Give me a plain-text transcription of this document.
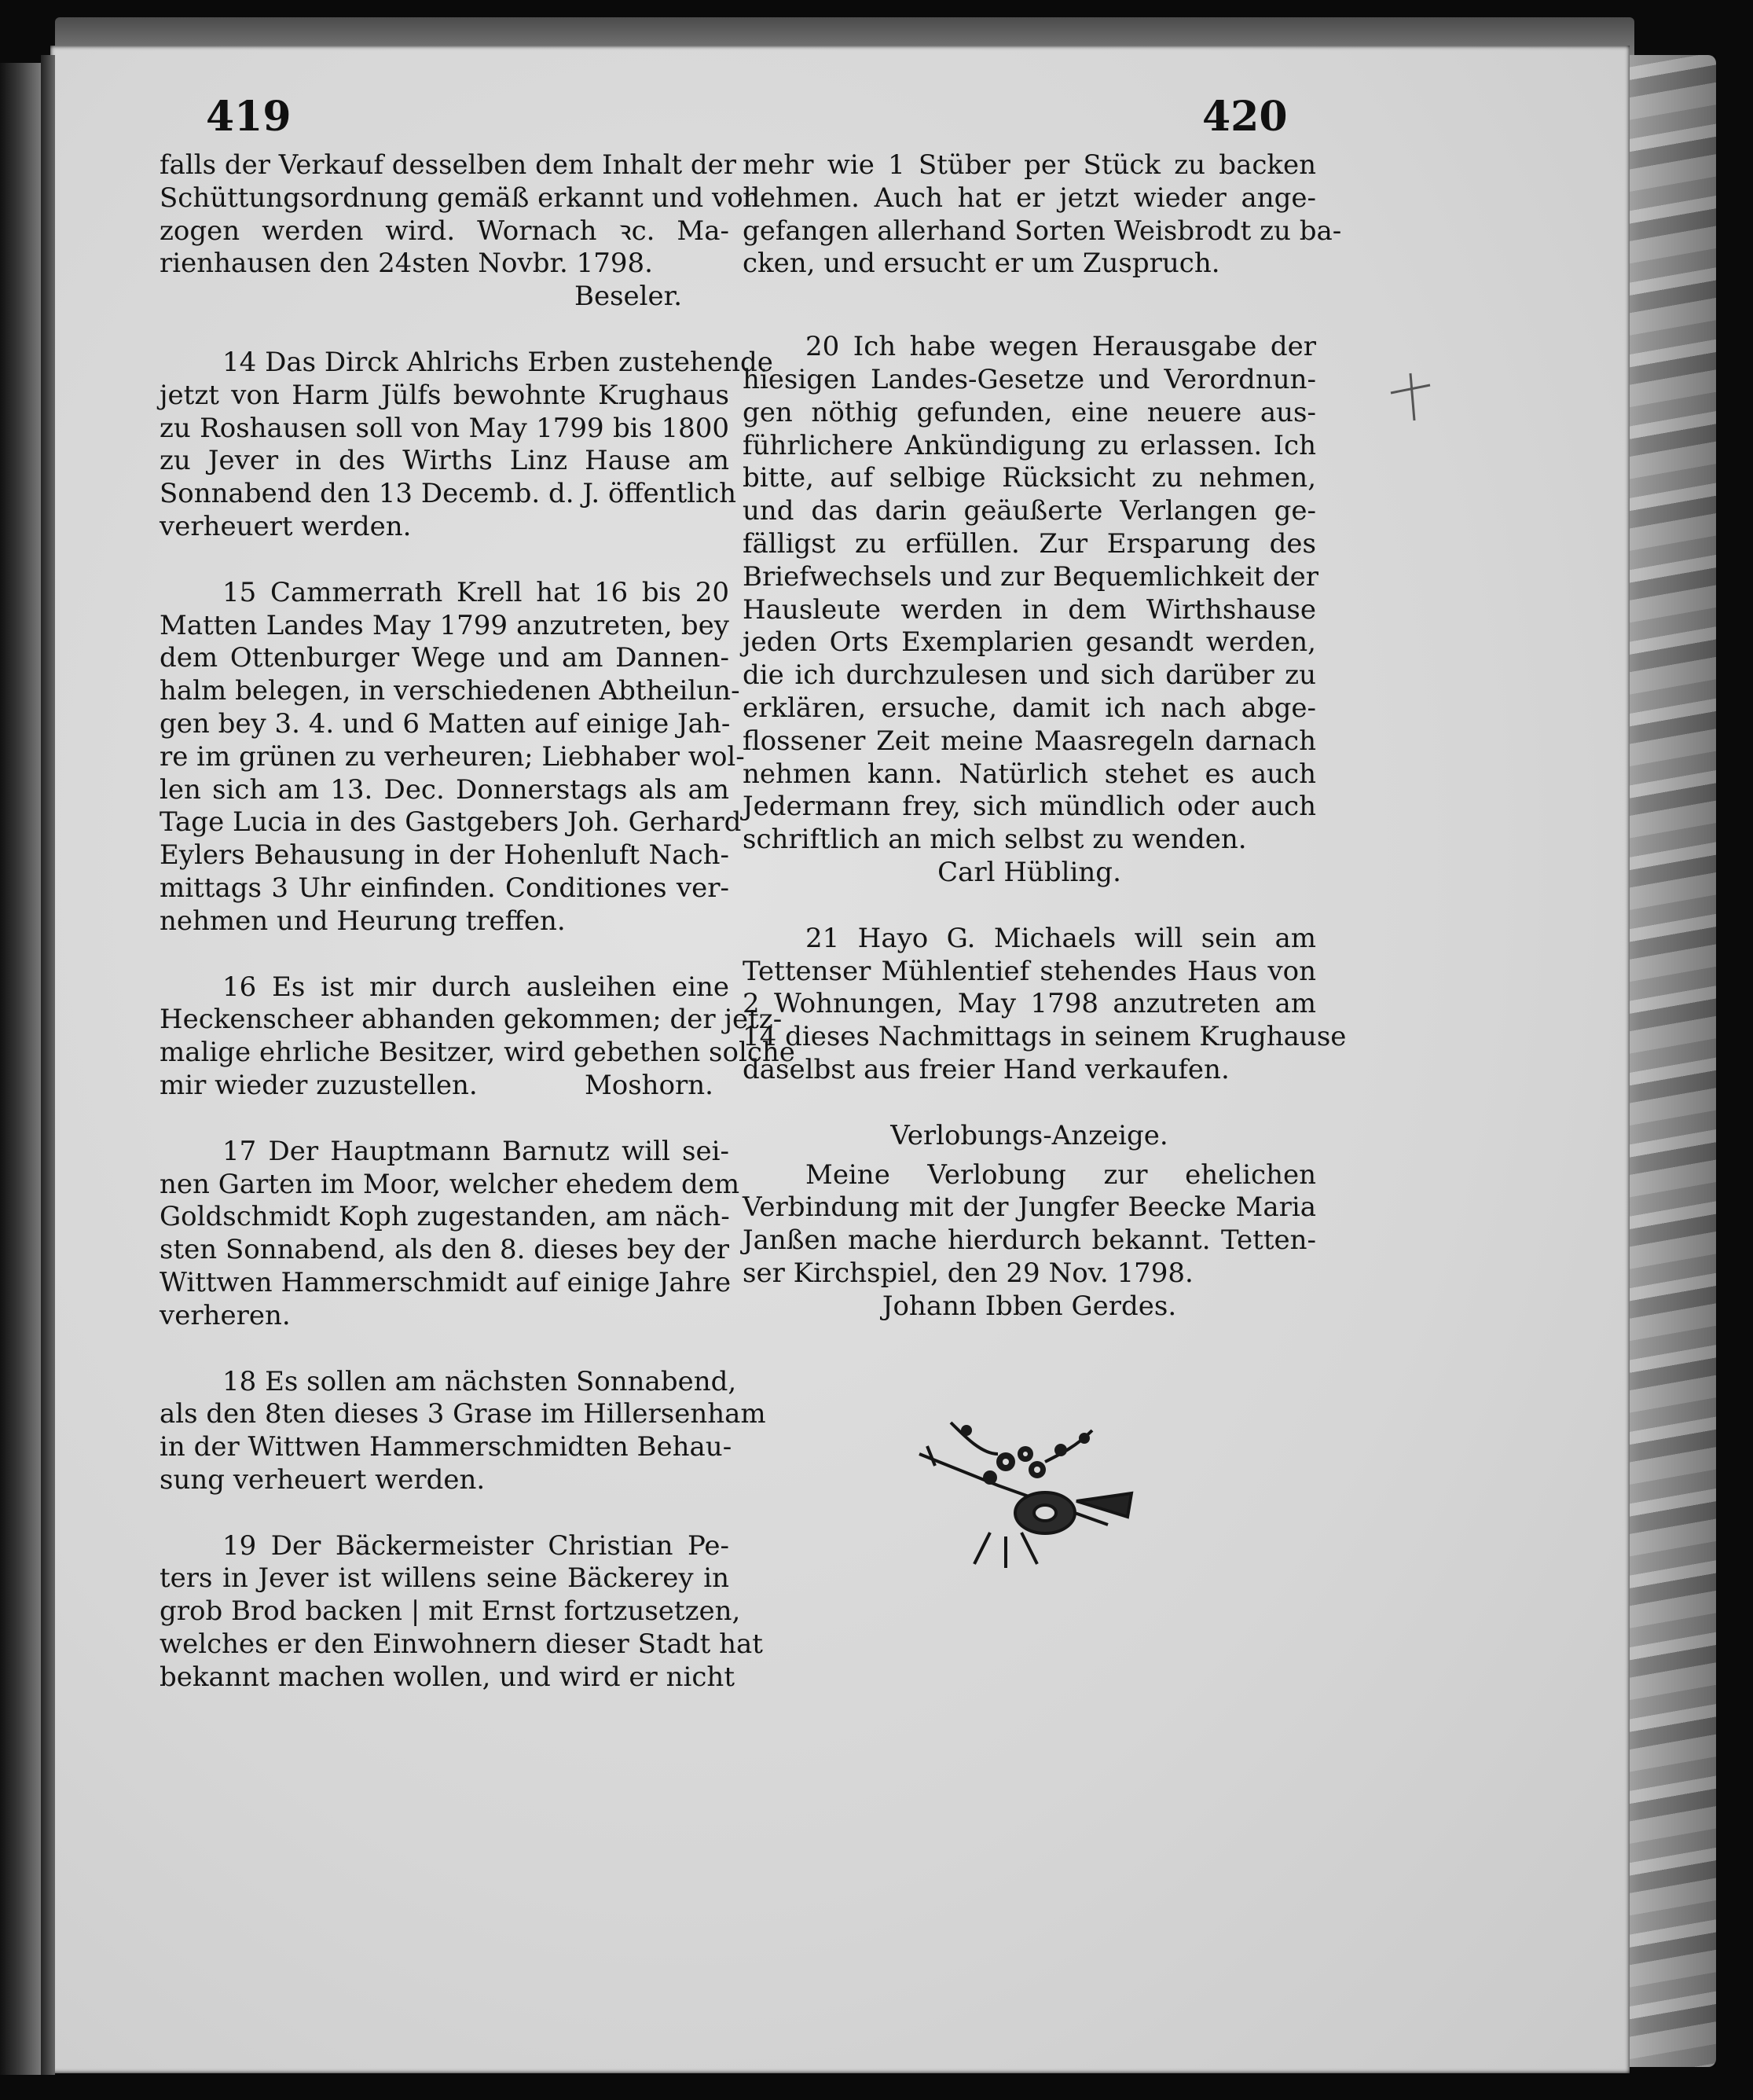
419	420
falls der Verkauf desselben dem Inhalt der
Schüttungsordnung gemäß erkannt und voll-
zogen werden wird. Wornach ꝛc. Ma-
rienhausen den 24sten Novbr. 1798.
Beseler.
14 Das Dirck Ahlrichs Erben zustehende
jetzt von Harm Jülfs bewohnte Krughaus
zu Roshausen soll von May 1799 bis 1800
zu Jever in des Wirths Linz Hause am
Sonnabend den 13 Decemb. d. J. öffentlich
verheuert werden.
15 Cammerrath Krell hat 16 bis 20
Matten Landes May 1799 anzutreten, bey
dem Ottenburger Wege und am Dannen-
halm belegen, in verschiedenen Abtheilun-
gen bey 3. 4. und 6 Matten auf einige Jah-
re im grünen zu verheuren; Liebhaber wol-
len sich am 13. Dec. Donnerstags als am
Tage Lucia in des Gastgebers Joh. Gerhard
Eylers Behausung in der Hohenluft Nach-
mittags 3 Uhr einfinden. Conditiones ver-
nehmen und Heurung treffen.
16 Es ist mir durch ausleihen eine
Heckenscheer abhanden gekommen; der jetz-
malige ehrliche Besitzer, wird gebethen solche
mir wieder zuzustellen.	Moshorn.
17 Der Hauptmann Barnutz will sei-
nen Garten im Moor, welcher ehedem dem
Goldschmidt Koph zugestanden, am näch-
sten Sonnabend, als den 8. dieses bey der
Wittwen Hammerschmidt auf einige Jahre
verheren.
18 Es sollen am nächsten Sonnabend,
als den 8ten dieses 3 Grase im Hillersenham
in der Wittwen Hammerschmidten Behau-
sung verheuert werden.
19 Der Bäckermeister Christian Pe-
ters in Jever ist willens seine Bäckerey in
grob Brod backen | mit Ernst fortzusetzen,
welches er den Einwohnern dieser Stadt hat
bekannt machen wollen, und wird er nicht
mehr wie 1 Stüber per Stück zu backen
nehmen. Auch hat er jetzt wieder ange-
gefangen allerhand Sorten Weisbrodt zu ba-
cken, und ersucht er um Zuspruch.
20 Ich habe wegen Herausgabe der
hiesigen Landes-Gesetze und Verordnun-
gen nöthig gefunden, eine neuere aus-
führlichere Ankündigung zu erlassen. Ich
bitte, auf selbige Rücksicht zu nehmen,
und das darin geäußerte Verlangen ge-
fälligst zu erfüllen. Zur Ersparung des
Briefwechsels und zur Bequemlichkeit der
Hausleute werden in dem Wirthshause
jeden Orts Exemplarien gesandt werden,
die ich durchzulesen und sich darüber zu
erklären, ersuche, damit ich nach abge-
flossener Zeit meine Maasregeln darnach
nehmen kann. Natürlich stehet es auch
Jedermann frey, sich mündlich oder auch
schriftlich an mich selbst zu wenden.
Carl Hübling.
21 Hayo G. Michaels will sein am
Tettenser Mühlentief stehendes Haus von
2 Wohnungen, May 1798 anzutreten am
14 dieses Nachmittags in seinem Krughause
daselbst aus freier Hand verkaufen.
Verlobungs-Anzeige.
Meine Verlobung zur ehelichen
Verbindung mit der Jungfer Beecke Maria
Janßen mache hierdurch bekannt. Tetten-
ser Kirchspiel, den 29 Nov. 1798.
Johann Ibben Gerdes.
